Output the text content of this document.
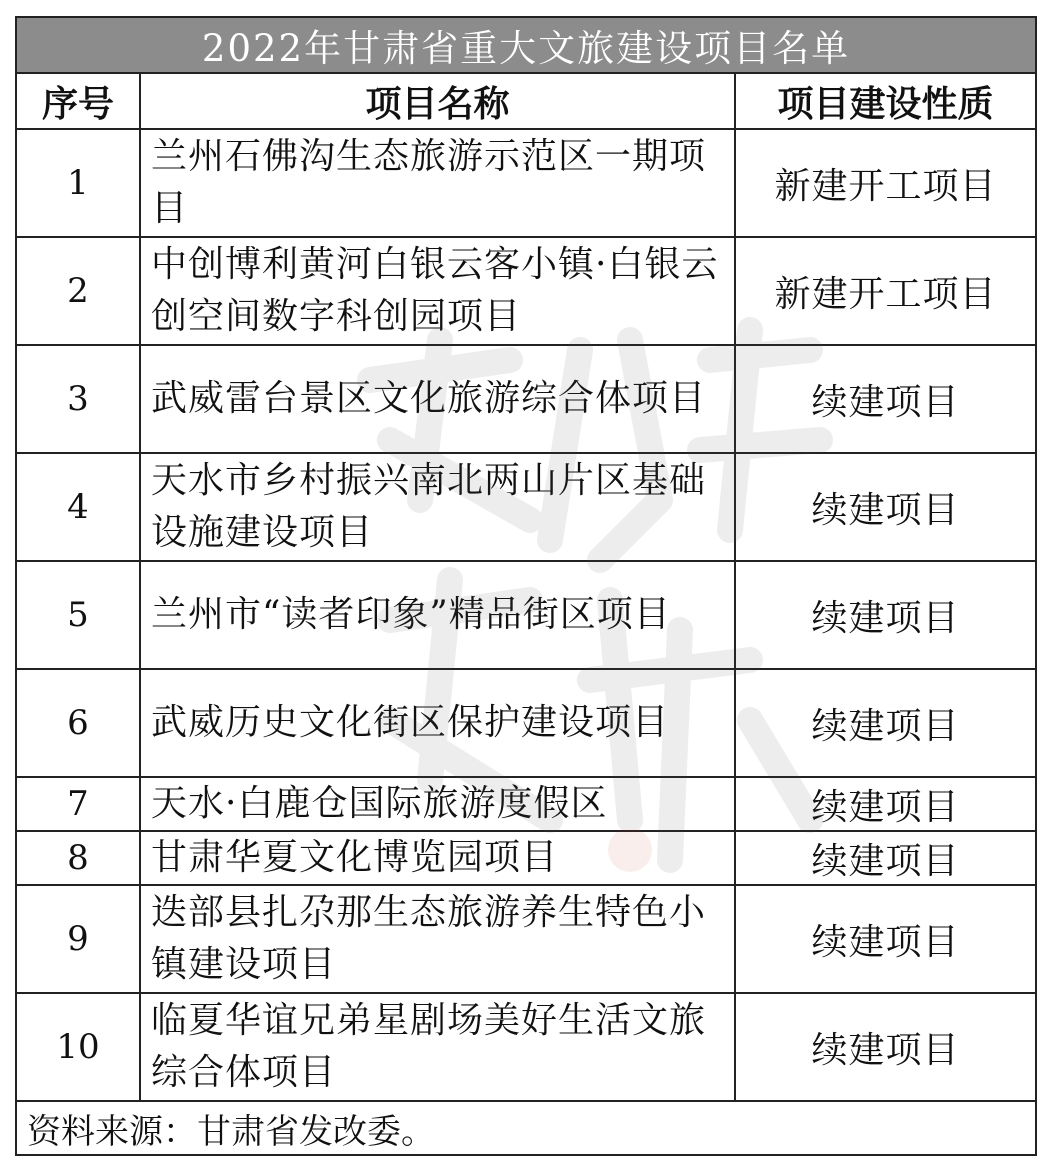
2022年甘肃省重大文旅建设项目名单		
序号	项目名称	项目建设性质
1	兰州石佛沟生态旅游示范区一期项目	新建开工项目
2	中创博利黄河白银云客小镇·白银云创空间数字科创园项目	新建开工项目
3	武威雷台景区文化旅游综合体项目	续建项目
4	天水市乡村振兴南北两山片区基础设施建设项目	续建项目
5	兰州市“读者印象”精品街区项目	续建项目
6	武威历史文化街区保护建设项目	续建项目
7	天水·白鹿仓国际旅游度假区	续建项目
8	甘肃华夏文化博览园项目	续建项目
9	迭部县扎尕那生态旅游养生特色小镇建设项目	续建项目
10	临夏华谊兄弟星剧场美好生活文旅综合体项目	续建项目
资料来源：甘肃省发改委。		
